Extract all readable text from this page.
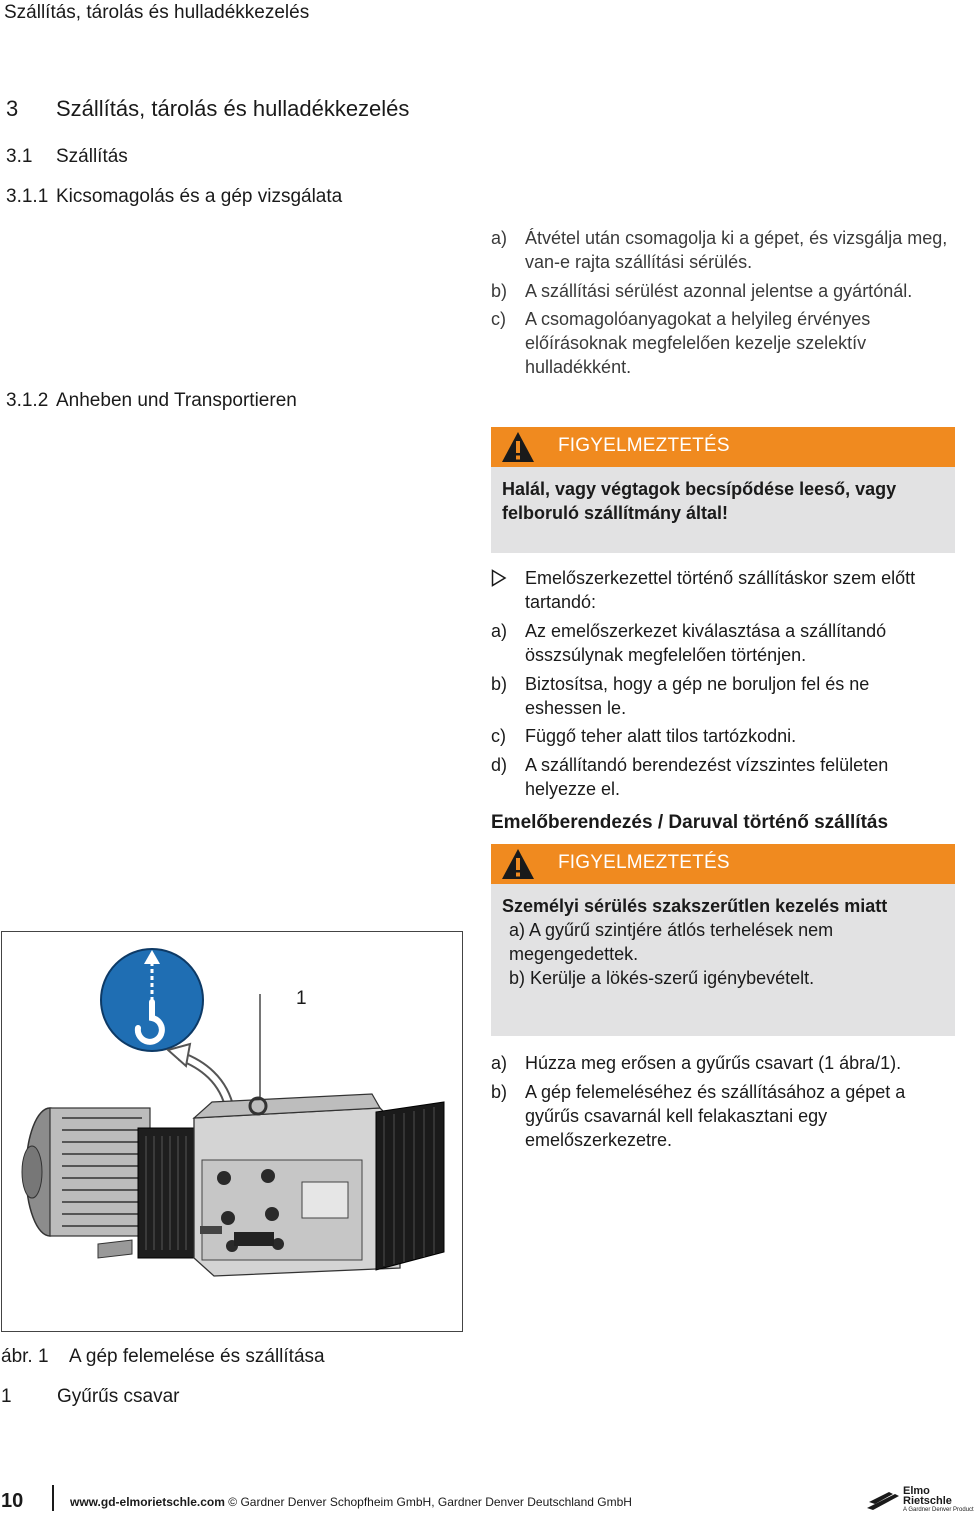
Szállítás, tárolás és hulladékkezelés
3 Szállítás, tárolás és hulladékkezelés
3.1 Szállítás
3.1.1 Kicsomagolás és a gép vizsgálata
3.1.2 Anheben und Transportieren
a) Átvétel után csomagolja ki a gépet, és vizsgálja meg, van-e rajta szállítási sérülés.
b) A szállítási sérülést azonnal jelentse a gyártónál.
c)	A csomagolóanyagokat a helyileg érvényes előírásoknak megfelelően kezelje szelektív hulladékként.
FIGYELMEZTETÉS
Halál, vagy végtagok becsípődése leeső, vagy felboruló szállítmány által!
Emelőszerkezettel történő szállításkor szem előtt tartandó:
a) Az emelőszerkezet kiválasztása a szállítandó összsúlynak megfelelően történjen.
b) Biztosítsa, hogy a gép ne boruljon fel és ne eshessen le.
c)	Függő teher alatt tilos tartózkodni.
d) A szállítandó berendezést vízszintes felületen helyezze el.
Emelőberendezés / Daruval történő szállítás
FIGYELMEZTETÉS
Személyi sérülés szakszerűtlen kezelés miatt
a) A gyűrű szintjére átlós terhelések nem megengedettek.
b) Kerülje a lökés-szerű igénybevételt.
a) Húzza meg erősen a gyűrűs csavart (1 ábra/1).
b) A gép felemeléséhez és szállításához a gépet a gyűrűs csavarnál kell felakasztani egy emelőszerkezetre.
1
ábr. 1 A gép felemelése és szállítása
1 Gyűrűs csavar
10	www.gd-elmorietschle.com © Gardner Denver Schopfheim GmbH, Gardner Denver Deutschland GmbH
Elmo
Rietschle
A Gardner Denver Product
